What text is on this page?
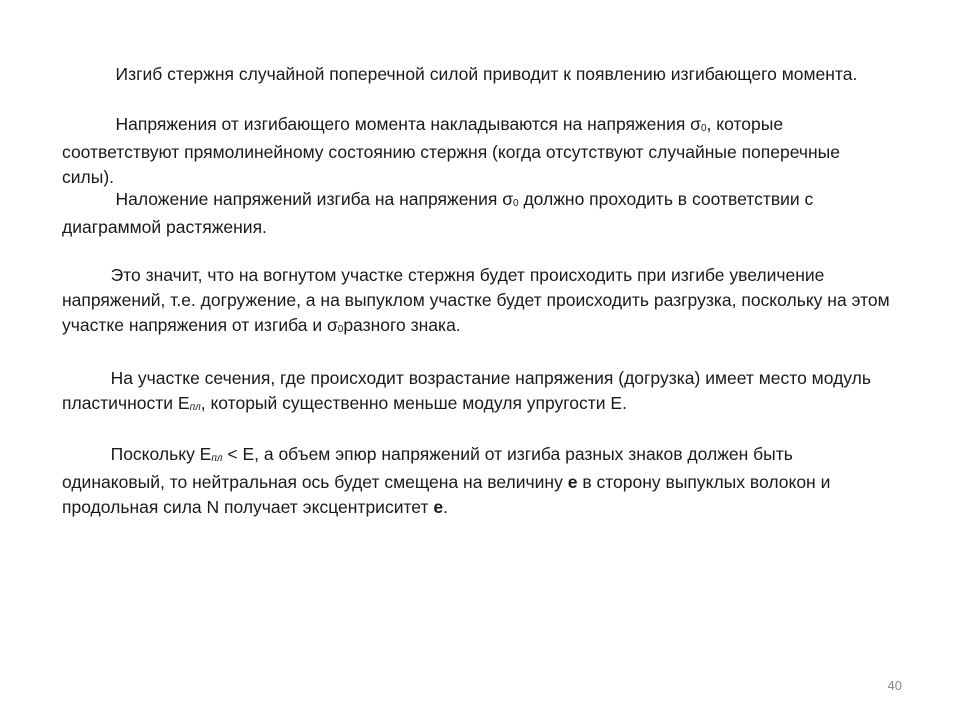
Изгиб стержня случайной поперечной силой приводит к появлению изгибающего момента.

Напряжения от изгибающего момента накладываются на напряжения σ0, которые соответствуют прямолинейному состоянию стержня (когда отсутствуют случайные поперечные силы).

Наложение напряжений изгиба на напряжения σ0 должно проходить в соответствии с диаграммой растяжения.

Это значит, что на вогнутом участке стержня будет происходить при изгибе увеличение напряжений, т.е. догружение, а на выпуклом участке будет происходить разгрузка, поскольку на этом участке напряжения от изгиба и σ0разного знака.

На участке сечения, где происходит возрастание напряжения (догрузка) имеет место модуль пластичности Епл, который существенно меньше модуля упругости Е.

Поскольку Епл < Е, а объем эпюр напряжений от изгиба разных знаков должен быть одинаковый, то нейтральная ось будет смещена на величину е в сторону выпуклых волокон и продольная сила N получает эксцентриситет е.

40
